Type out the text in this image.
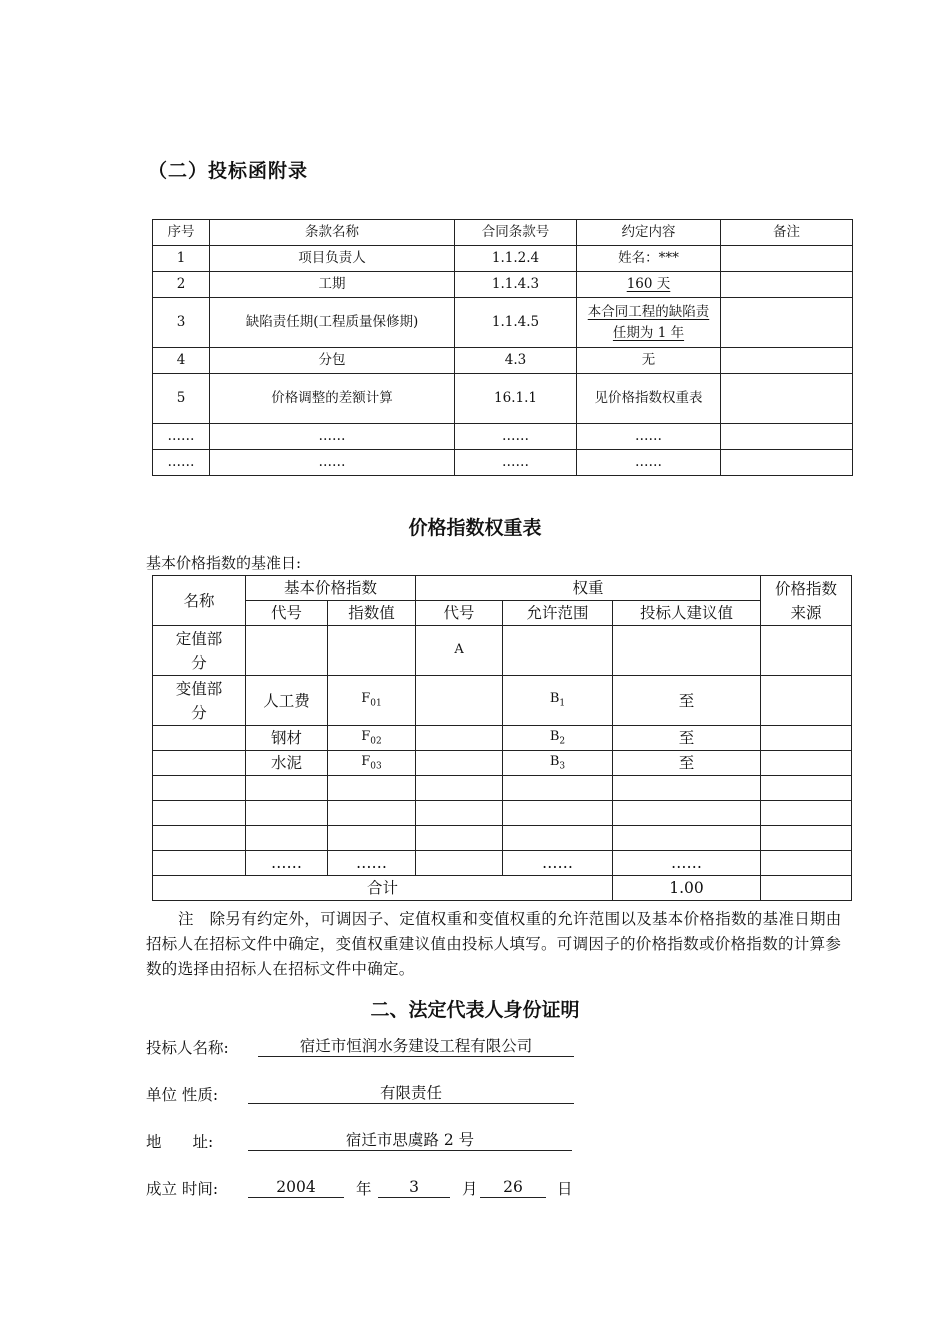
（二）投标函附录
序号	条款名称	合同条款号	约定内容	备注
1	项目负责人	1.1.2.4	姓名：***	
2	工期	1.1.4.3	160 天	
3	缺陷责任期(工程质量保修期)	1.1.4.5	本合同工程的缺陷责任期为 1 年	
4	分包	4.3	无	
5	价格调整的差额计算	16.1.1	见价格指数权重表	
……	……	……	……	
……	……	……	……	
价格指数权重表
基本价格指数的基准日:
名称	基本价格指数		权重			价格指数来源
	代号	指数值	代号	允许范围	投标人建议值	
定值部分			A			
变值部分	人工费	$F_{01}$		$B_1$	至	
	钢材	$F_{02}$		$B_2$	至	
	水泥	$F_{03}$		$B_3$	至	

	……	……		……	……	
合计					1.00	
注　除另有约定外，可调因子、定值权重和变值权重的允许范围以及基本价格指数的基准日期由招标人在招标文件中确定，变值权重建议值由投标人填写。可调因子的价格指数或价格指数的计算参数的选择由招标人在招标文件中确定。
二、法定代表人身份证明
投标人名称:	宿迁市恒润水务建设工程有限公司
单位 性质:	有限责任
地　　址:	宿迁市思虞路 2 号
成立 时间:	2004	年	3	月	26	日
